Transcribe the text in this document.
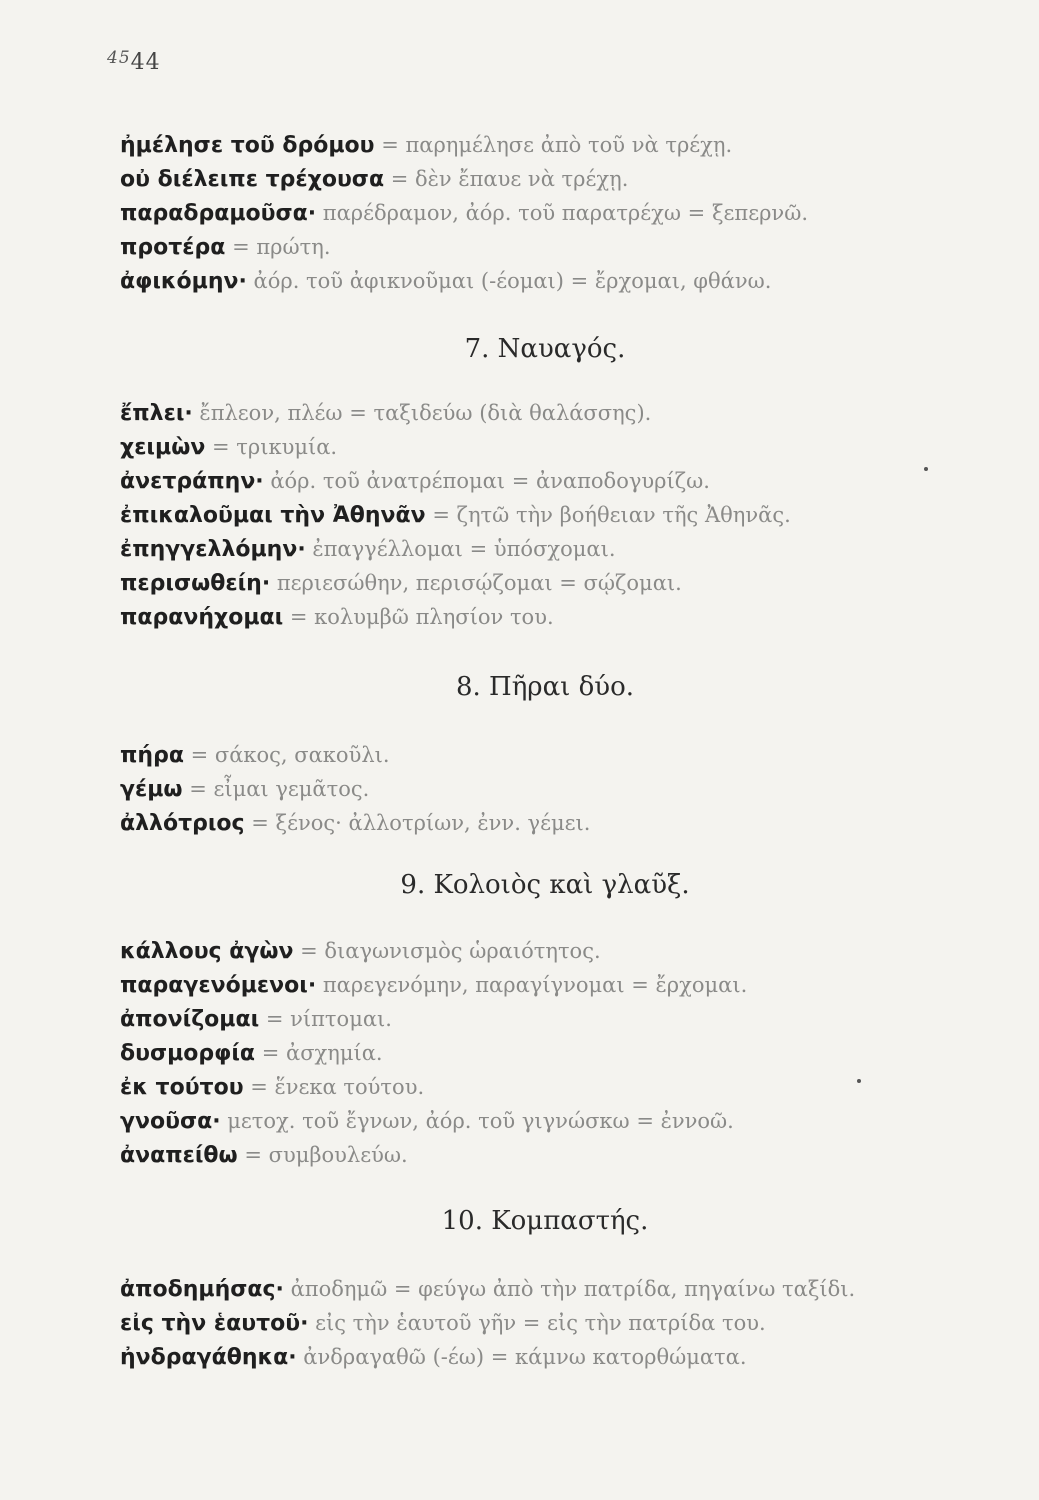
$^{45}$44
ἠμέλησε τοῦ δρόμου = παρημέλησε ἀπὸ τοῦ νὰ τρέχῃ.
οὐ διέλειπε τρέχουσα = δὲν ἔπαυε νὰ τρέχῃ.
παραδραμοῦσα· παρέδραμον, ἀόρ. τοῦ παρατρέχω = ξεπερνῶ.
προτέρα = πρώτη.
ἀφικόμην· ἀόρ. τοῦ ἀφικνοῦμαι (-έομαι) = ἔρχομαι, φθάνω.
7. Ναυαγός.
ἔπλει· ἔπλεον, πλέω = ταξιδεύω (διὰ θαλάσσης).
χειμὼν = τρικυμία.
ἀνετράπην· ἀόρ. τοῦ ἀνατρέπομαι = ἀναποδογυρίζω.
ἐπικαλοῦμαι τὴν Ἀθηνᾶν = ζητῶ τὴν βοήθειαν τῆς Ἀθηνᾶς.
ἐπηγγελλόμην· ἐπαγγέλλομαι = ὑπόσχομαι.
περισωθείη· περιεσώθην, περισῴζομαι = σῴζομαι.
παρανήχομαι = κολυμβῶ πλησίον του.
8. Πῆραι δύο.
πήρα = σάκος, σακοῦλι.
γέμω = εἶμαι γεμᾶτος.
ἀλλότριος = ξένος· ἀλλοτρίων, ἐνν. γέμει.
9. Κολοιὸς καὶ γλαῦξ.
κάλλους ἀγὼν = διαγωνισμὸς ὡραιότητος.
παραγενόμενοι· παρεγενόμην, παραγίγνομαι = ἔρχομαι.
ἀπονίζομαι = νίπτομαι.
δυσμορφία = ἀσχημία.
ἐκ τούτου = ἕνεκα τούτου.
γνοῦσα· μετοχ. τοῦ ἔγνων, ἀόρ. τοῦ γιγνώσκω = ἐννοῶ.
ἀναπείθω = συμβουλεύω.
10. Κομπαστής.
ἀποδημήσας· ἀποδημῶ = φεύγω ἀπὸ τὴν πατρίδα, πηγαίνω ταξίδι.
εἰς τὴν ἑαυτοῦ· εἰς τὴν ἑαυτοῦ γῆν = εἰς τὴν πατρίδα του.
ἠνδραγάθηκα· ἀνδραγαθῶ (-έω) = κάμνω κατορθώματα.
